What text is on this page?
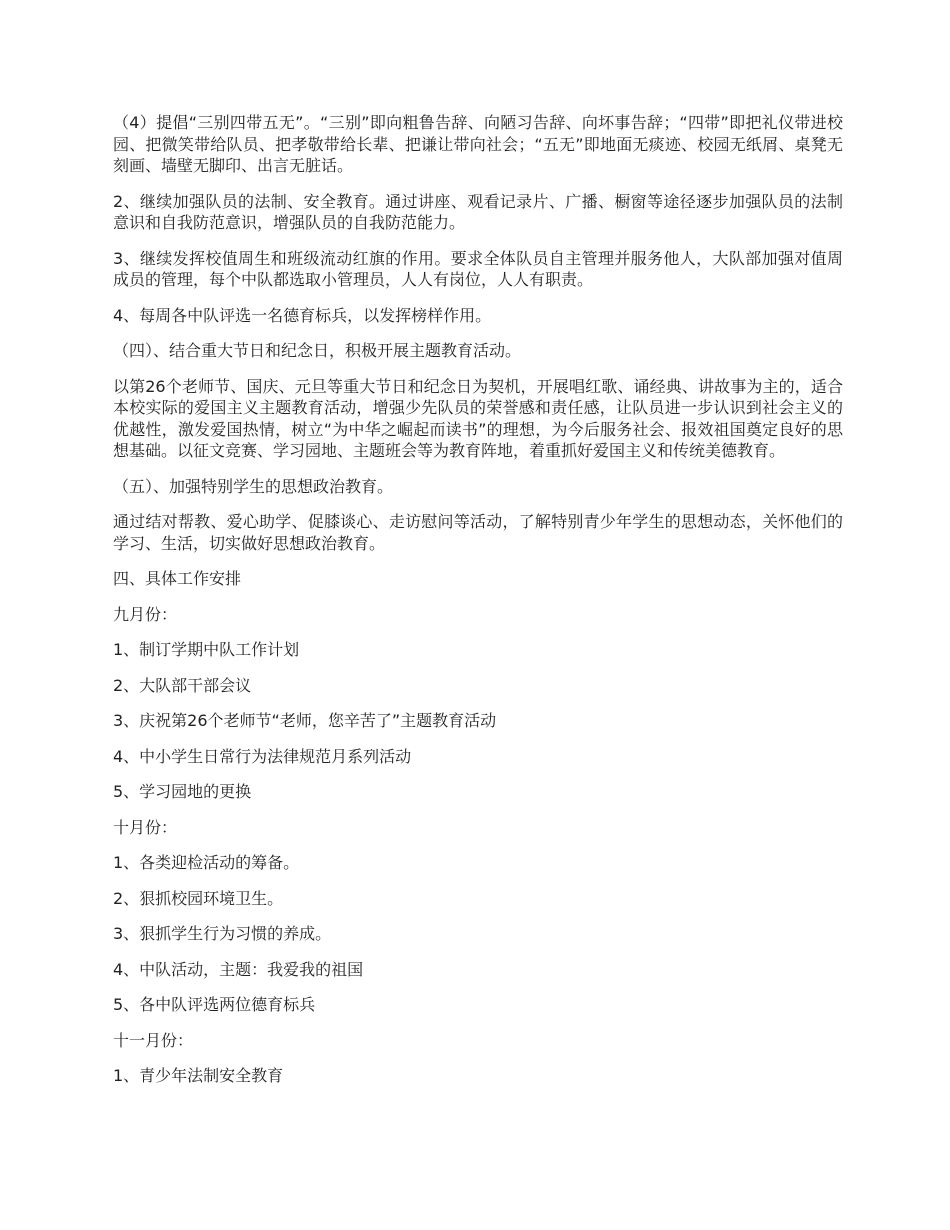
（4）提倡“三别四带五无”。“三别”即向粗鲁告辞、向陋习告辞、向坏事告辞；“四带”即把礼仪带进校园、把微笑带给队员、把孝敬带给长辈、把谦让带向社会；“五无”即地面无痰迹、校园无纸屑、桌凳无刻画、墙壁无脚印、出言无脏话。

2、继续加强队员的法制、安全教育。通过讲座、观看记录片、广播、橱窗等途径逐步加强队员的法制意识和自我防范意识，增强队员的自我防范能力。

3、继续发挥校值周生和班级流动红旗的作用。要求全体队员自主管理并服务他人，大队部加强对值周成员的管理，每个中队都选取小管理员，人人有岗位，人人有职责。

4、每周各中队评选一名德育标兵，以发挥榜样作用。

（四）、结合重大节日和纪念日，积极开展主题教育活动。

以第26个老师节、国庆、元旦等重大节日和纪念日为契机，开展唱红歌、诵经典、讲故事为主的，适合本校实际的爱国主义主题教育活动，增强少先队员的荣誉感和责任感，让队员进一步认识到社会主义的优越性，激发爱国热情，树立“为中华之崛起而读书”的理想，为今后服务社会、报效祖国奠定良好的思想基础。以征文竞赛、学习园地、主题班会等为教育阵地，着重抓好爱国主义和传统美德教育。

（五）、加强特别学生的思想政治教育。

通过结对帮教、爱心助学、促膝谈心、走访慰问等活动，了解特别青少年学生的思想动态，关怀他们的学习、生活，切实做好思想政治教育。

四、具体工作安排

九月份：

1、制订学期中队工作计划

2、大队部干部会议

3、庆祝第26个老师节“老师，您辛苦了”主题教育活动

4、中小学生日常行为法律规范月系列活动

5、学习园地的更换

十月份：

1、各类迎检活动的筹备。

2、狠抓校园环境卫生。

3、狠抓学生行为习惯的养成。

4、中队活动，主题：我爱我的祖国

5、各中队评选两位德育标兵

十一月份：

1、青少年法制安全教育
